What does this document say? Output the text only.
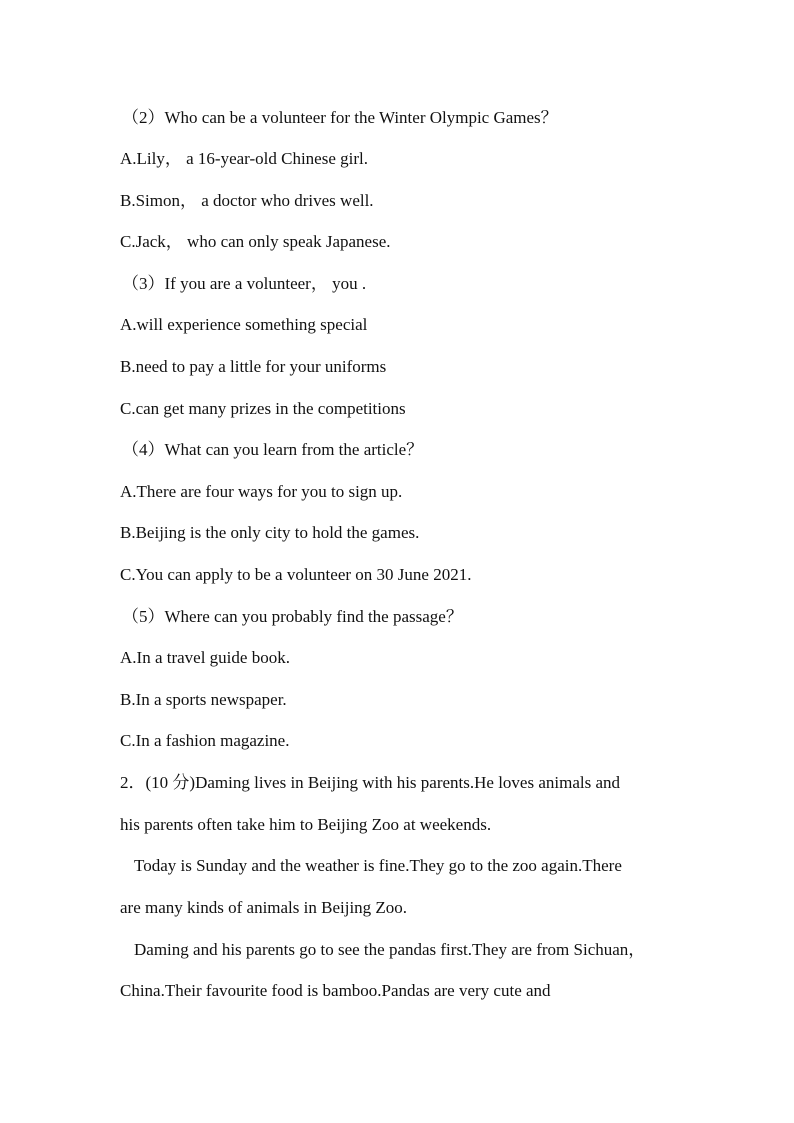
（2）Who can be a volunteer for the Winter Olympic Games？
A.Lily， a 16-year-old Chinese girl.
B.Simon， a doctor who drives well.
C.Jack， who can only speak Japanese.
（3）If you are a volunteer， you .
A.will experience something special
B.need to pay a little for your uniforms
C.can get many prizes in the competitions
（4）What can you learn from the article？
A.There are four ways for you to sign up.
B.Beijing is the only city to hold the games.
C.You can apply to be a volunteer on 30 June 2021.
（5）Where can you probably find the passage？
A.In a travel guide book.
B.In a sports newspaper.
C.In a fashion magazine.
2．(10 分)Daming lives in Beijing with his parents.He loves animals and
his parents often take him to Beijing Zoo at weekends.
Today is Sunday and the weather is fine.They go to the zoo again.There
are many kinds of animals in Beijing Zoo.
Daming and his parents go to see the pandas first.They are from Sichuan，
China.Their favourite food is bamboo.Pandas are very cute and
